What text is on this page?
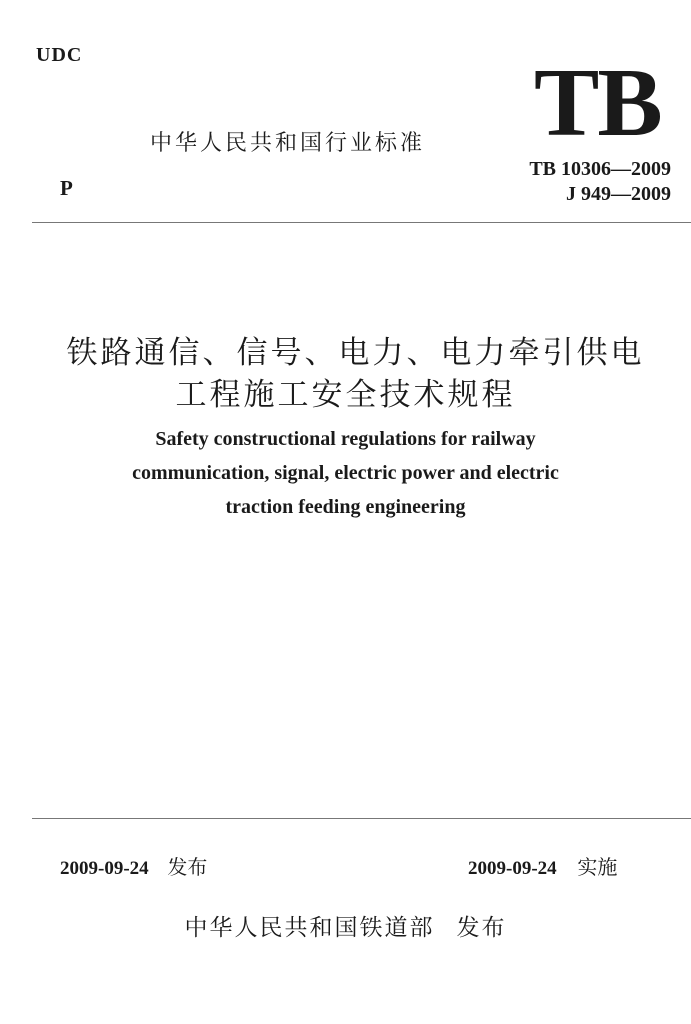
UDC
中华人民共和国行业标准 TB
P
TB 10306—2009
J 949—2009
铁路通信、信号、电力、电力牵引供电
工程施工安全技术规程
Safety constructional regulations for railway
communication, signal, electric power and electric
traction feeding engineering
2009-09-24 发布	2009-09-24 实施
中华人民共和国铁道部 发布
